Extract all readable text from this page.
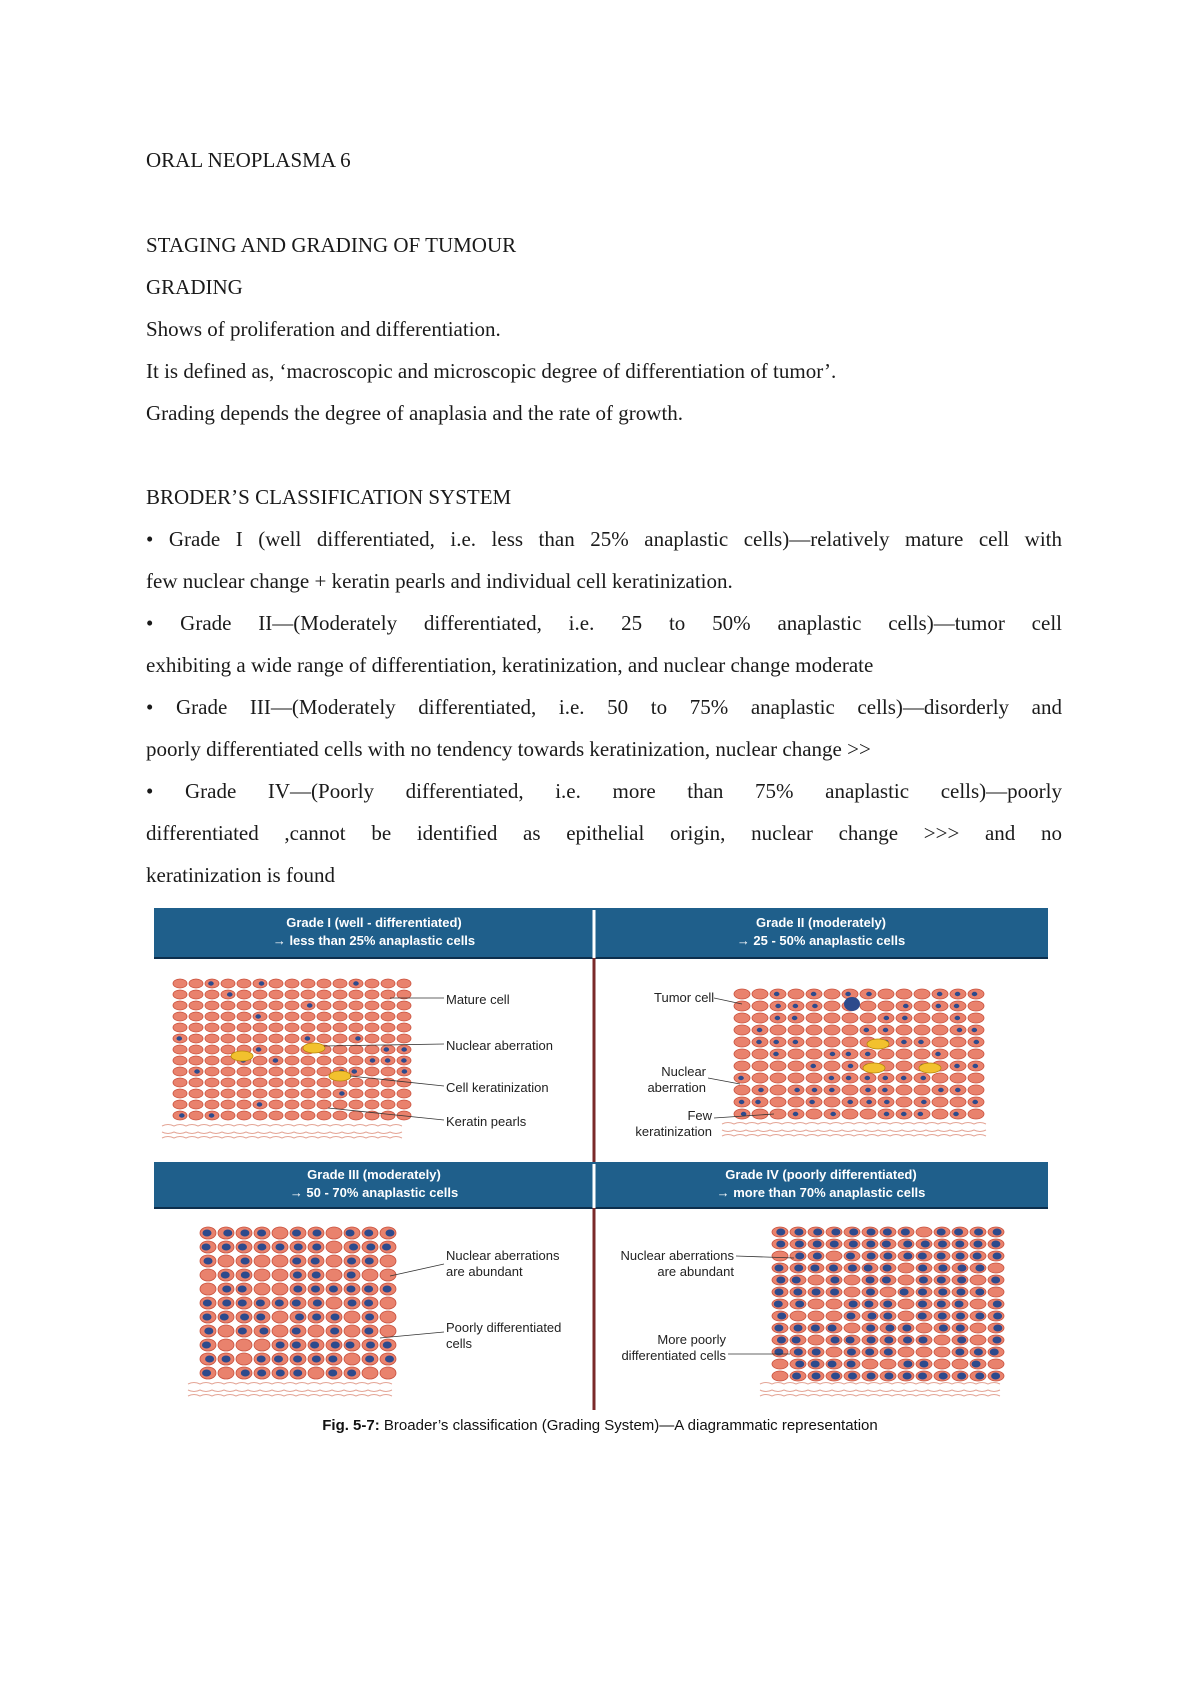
ORAL NEOPLASMA 6
STAGING AND GRADING OF TUMOUR
GRADING
Shows of proliferation and differentiation.
It is defined as, ‘macroscopic and microscopic degree of differentiation of tumor’.
Grading depends the degree of anaplasia and the rate of growth.
BRODER’S CLASSIFICATION SYSTEM
• Grade I (well differentiated, i.e. less than 25% anaplastic cells)—relatively mature cell with
few nuclear change + keratin pearls and individual cell keratinization.
• Grade II—(Moderately differentiated, i.e. 25 to 50% anaplastic cells)—tumor cell
exhibiting a wide range of differentiation, keratinization, and nuclear change moderate
• Grade III—(Moderately differentiated, i.e. 50 to 75% anaplastic cells)—disorderly and
poorly differentiated cells with no tendency towards keratinization, nuclear change >>
• Grade IV—(Poorly differentiated, i.e. more than 75% anaplastic cells)—poorly
differentiated ,cannot be identified as epithelial origin, nuclear change >>> and no
keratinization is found
Grade I (well - differentiated)
→ less than 25% anaplastic cells
Grade II (moderately)
→ 25 - 50% anaplastic cells
Grade III (moderately)
→ 50 - 70% anaplastic cells
Grade IV (poorly differentiated)
→ more than 70% anaplastic cells
Mature cell
Nuclear aberration
Cell keratinization
Keratin pearls
Tumor cell
Nuclear
aberration
Few
keratinization
Nuclear aberrations
are abundant
Poorly differentiated
cells
Nuclear aberrations
are abundant
More poorly
differentiated cells
Fig. 5-7: Broader’s classification (Grading System)—A diagrammatic representation
